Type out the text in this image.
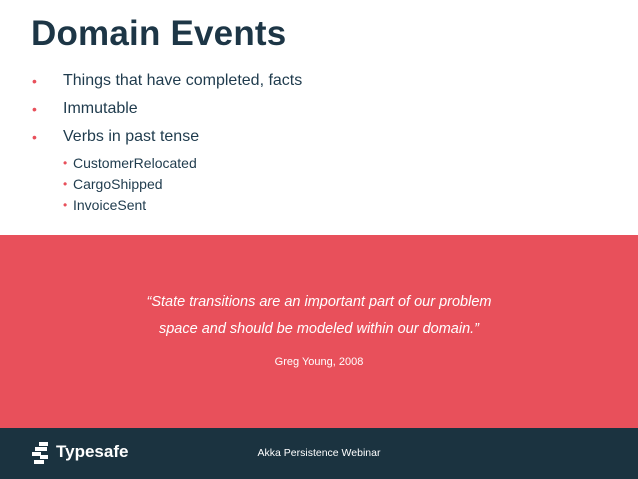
Domain Events
• Things that have completed, facts
• Immutable
• Verbs in past tense
• CustomerRelocated
• CargoShipped
• InvoiceSent
“State transitions are an important part of our problem
space and should be modeled within our domain.”
Greg Young, 2008
Typesafe	Akka Persistence Webinar
